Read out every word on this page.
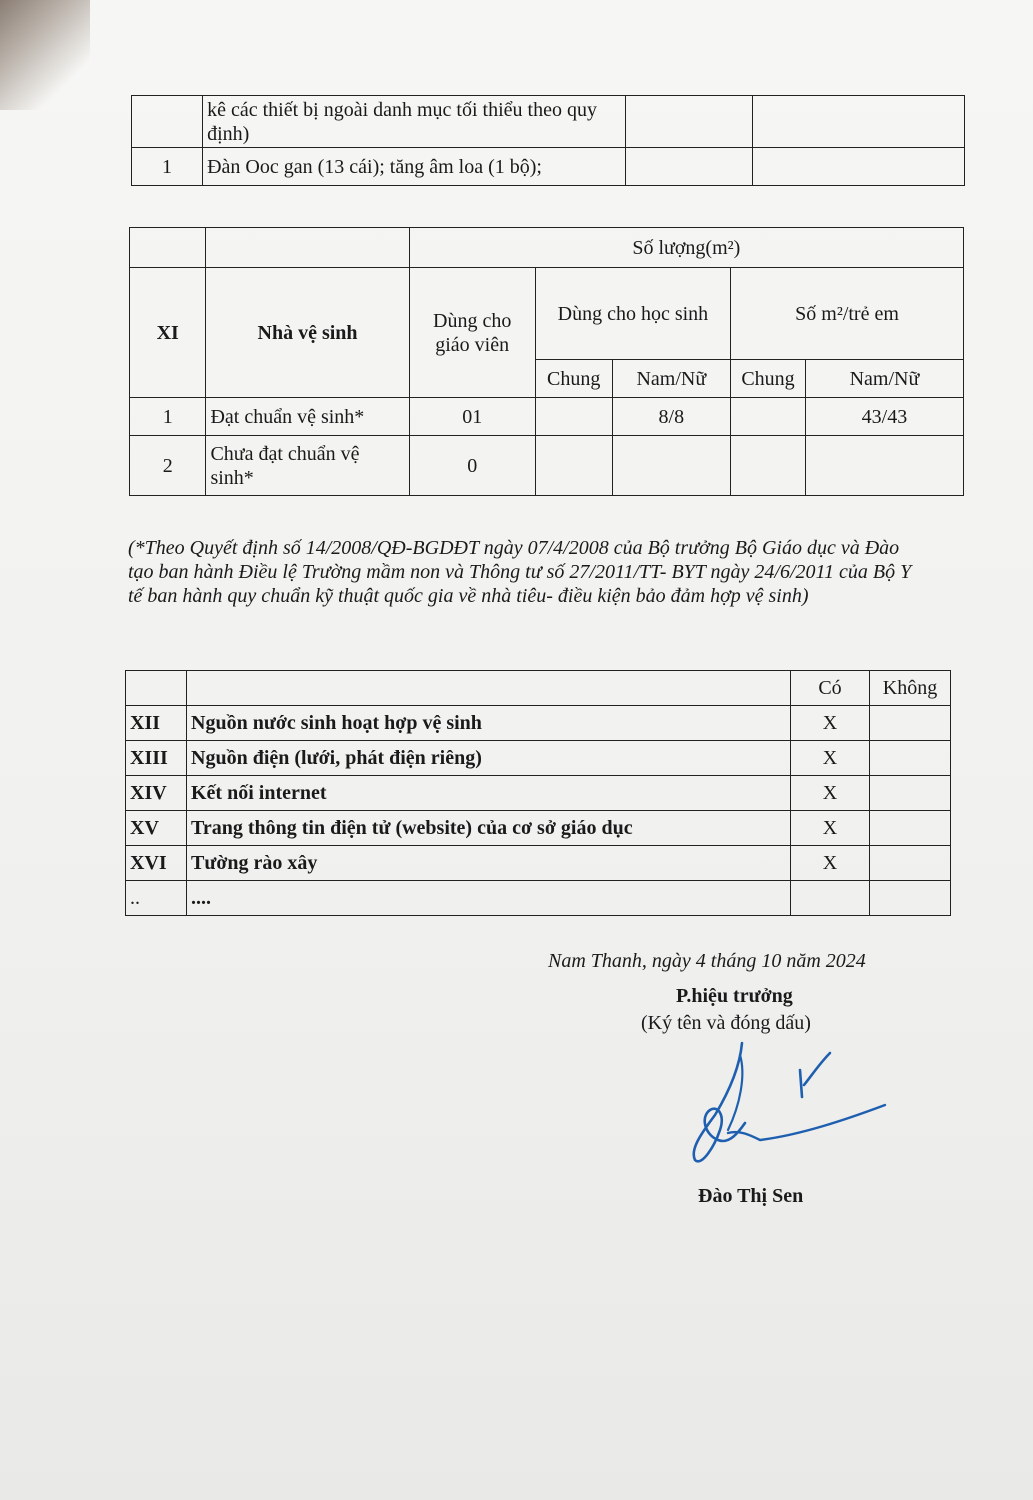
	kê các thiết bị ngoài danh mục tối thiểu theo quy định)		
1	Đàn Ooc gan (13 cái); tăng âm loa (1 bộ);		
		Số lượng(m²)				
XI	Nhà vệ sinh	Dùng cho giáo viên	Dùng cho học sinh		Số m²/trẻ em	
			Chung	Nam/Nữ	Chung	Nam/Nữ
1	Đạt chuẩn vệ sinh*	01		8/8		43/43
2	Chưa đạt chuẩn vệ sinh*	0				
(*Theo Quyết định số 14/2008/QĐ-BGDĐT ngày 07/4/2008 của Bộ trưởng Bộ Giáo dục và Đào tạo ban hành Điều lệ Trường mầm non và Thông tư số 27/2011/TT- BYT ngày 24/6/2011 của Bộ Y tế ban hành quy chuẩn kỹ thuật quốc gia về nhà tiêu- điều kiện bảo đảm hợp vệ sinh)
		Có	Không
XII	Nguồn nước sinh hoạt hợp vệ sinh	X	
XIII	Nguồn điện (lưới, phát điện riêng)	X	
XIV	Kết nối internet	X	
XV	Trang thông tin điện tử (website) của cơ sở giáo dục	X	
XVI	Tường rào xây	X	
..	....		
Nam Thanh, ngày 4 tháng 10 năm 2024
P.hiệu trưởng
(Ký tên và đóng dấu)
Đào Thị Sen
